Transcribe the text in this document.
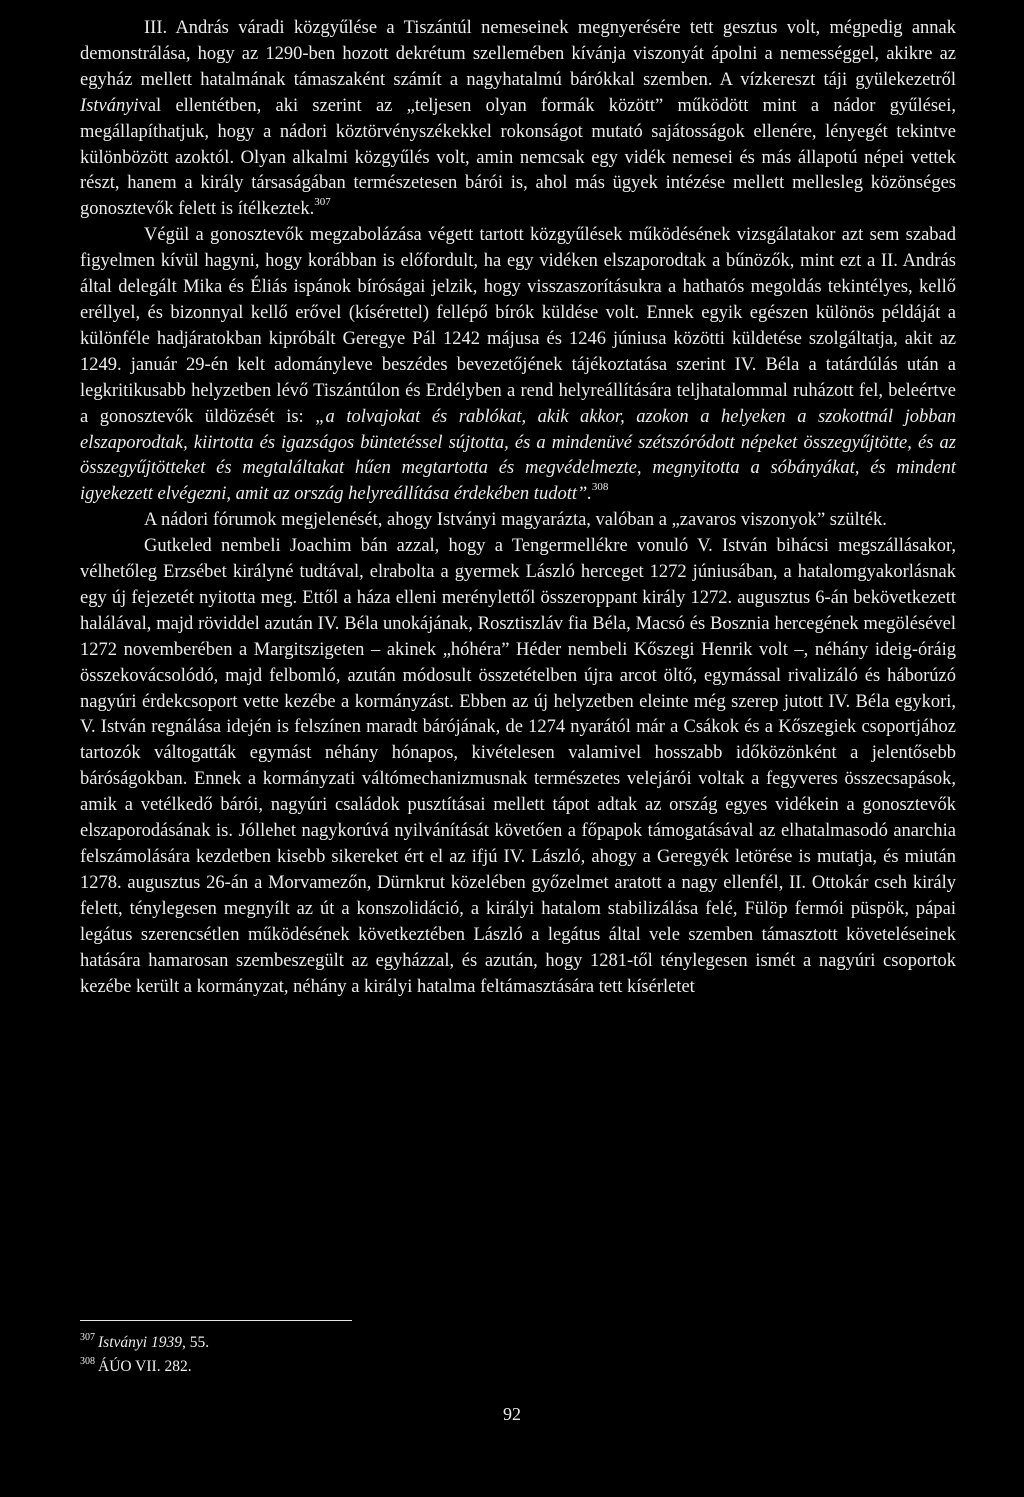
III. András váradi közgyűlése a Tiszántúl nemeseinek megnyerésére tett gesztus volt, mégpedig annak demonstrálása, hogy az 1290-ben hozott dekrétum szellemében kívánja viszonyát ápolni a nemességgel, akikre az egyház mellett hatalmának támaszaként számít a nagyhatalmú bárókkal szemben. A vízkereszt táji gyülekezetről Istványival ellentétben, aki szerint az „teljesen olyan formák között” működött mint a nádor gyűlései, megállapíthatjuk, hogy a nádori köztörvényszékekkel rokonságot mutató sajátosságok ellenére, lényegét tekintve különbözött azoktól. Olyan alkalmi közgyűlés volt, amin nemcsak egy vidék nemesei és más állapotú népei vettek részt, hanem a király társaságában természetesen bárói is, ahol más ügyek intézése mellett mellesleg közönséges gonosztevők felett is ítélkeztek.$^{307}$

Végül a gonosztevők megzabolázása végett tartott közgyűlések működésének vizsgálatakor azt sem szabad figyelmen kívül hagyni, hogy korábban is előfordult, ha egy vidéken elszaporodtak a bűnözők, mint ezt a II. András által delegált Mika és Éliás ispánok bíróságai jelzik, hogy visszaszorításukra a hathatós megoldás tekintélyes, kellő eréllyel, és bizonnyal kellő erővel (kísérettel) fellépő bírók küldése volt. Ennek egyik egészen különös példáját a különféle hadjáratokban kipróbált Geregye Pál 1242 májusa és 1246 júniusa közötti küldetése szolgáltatja, akit az 1249. január 29-én kelt adományleve beszédes bevezetőjének tájékoztatása szerint IV. Béla a tatárdúlás után a legkritikusabb helyzetben lévő Tiszántúlon és Erdélyben a rend helyreállítására teljhatalommal ruházott fel, beleértve a gonosztevők üldözését is: „a tolvajokat és rablókat, akik akkor, azokon a helyeken a szokottnál jobban elszaporodtak, kiirtotta és igazságos büntetéssel sújtotta, és a mindenüvé szétszóródott népeket összegyűjtötte, és az összegyűjtötteket és megtaláltakat hűen megtartotta és megvédelmezte, megnyitotta a sóbányákat, és mindent igyekezett elvégezni, amit az ország helyreállítása érdekében tudott”.$^{308}$

A nádori fórumok megjelenését, ahogy Istványi magyarázta, valóban a „zavaros viszonyok” szülték.

Gutkeled nembeli Joachim bán azzal, hogy a Tengermellékre vonuló V. István bihácsi megszállásakor, vélhetőleg Erzsébet királyné tudtával, elrabolta a gyermek László herceget 1272 júniusában, a hatalomgyakorlásnak egy új fejezetét nyitotta meg. Ettől a háza elleni merénylettől összeroppant király 1272. augusztus 6-án bekövetkezett halálával, majd röviddel azután IV. Béla unokájának, Rosztiszláv fia Béla, Macsó és Bosznia hercegének megölésével 1272 novemberében a Margitszigeten – akinek „hóhéra” Héder nembeli Kőszegi Henrik volt –, néhány ideig-óráig összekovácsolódó, majd felbomló, azután módosult összetételben újra arcot öltő, egymással rivalizáló és háborúzó nagyúri érdekcsoport vette kezébe a kormányzást. Ebben az új helyzetben eleinte még szerep jutott IV. Béla egykori, V. István regnálása idején is felszínen maradt bárójának, de 1274 nyarától már a Csákok és a Kőszegiek csoportjához tartozók váltogatták egymást néhány hónapos, kivételesen valamivel hosszabb időközönként a jelentősebb báróságokban. Ennek a kormányzati váltómechanizmusnak természetes velejárói voltak a fegyveres összecsapások, amik a vetélkedő bárói, nagyúri családok pusztításai mellett tápot adtak az ország egyes vidékein a gonosztevők elszaporodásának is. Jóllehet nagykorúvá nyilvánítását követően a főpapok támogatásával az elhatalmasodó anarchia felszámolására kezdetben kisebb sikereket ért el az ifjú IV. László, ahogy a Geregyék letörése is mutatja, és miután 1278. augusztus 26-án a Morvamezőn, Dürnkrut közelében győzelmet aratott a nagy ellenfél, II. Ottokár cseh király felett, ténylegesen megnyílt az út a konszolidáció, a királyi hatalom stabilizálása felé, Fülöp fermói püspök, pápai legátus szerencsétlen működésének következtében László a legátus által vele szemben támasztott követeléseinek hatására hamarosan szembeszegült az egyházzal, és azután, hogy 1281-től ténylegesen ismét a nagyúri csoportok kezébe került a kormányzat, néhány a királyi hatalma feltámasztására tett kísérletet

$^{307}$ Istványi 1939, 55.

$^{308}$ ÁÚO VII. 282.

92
